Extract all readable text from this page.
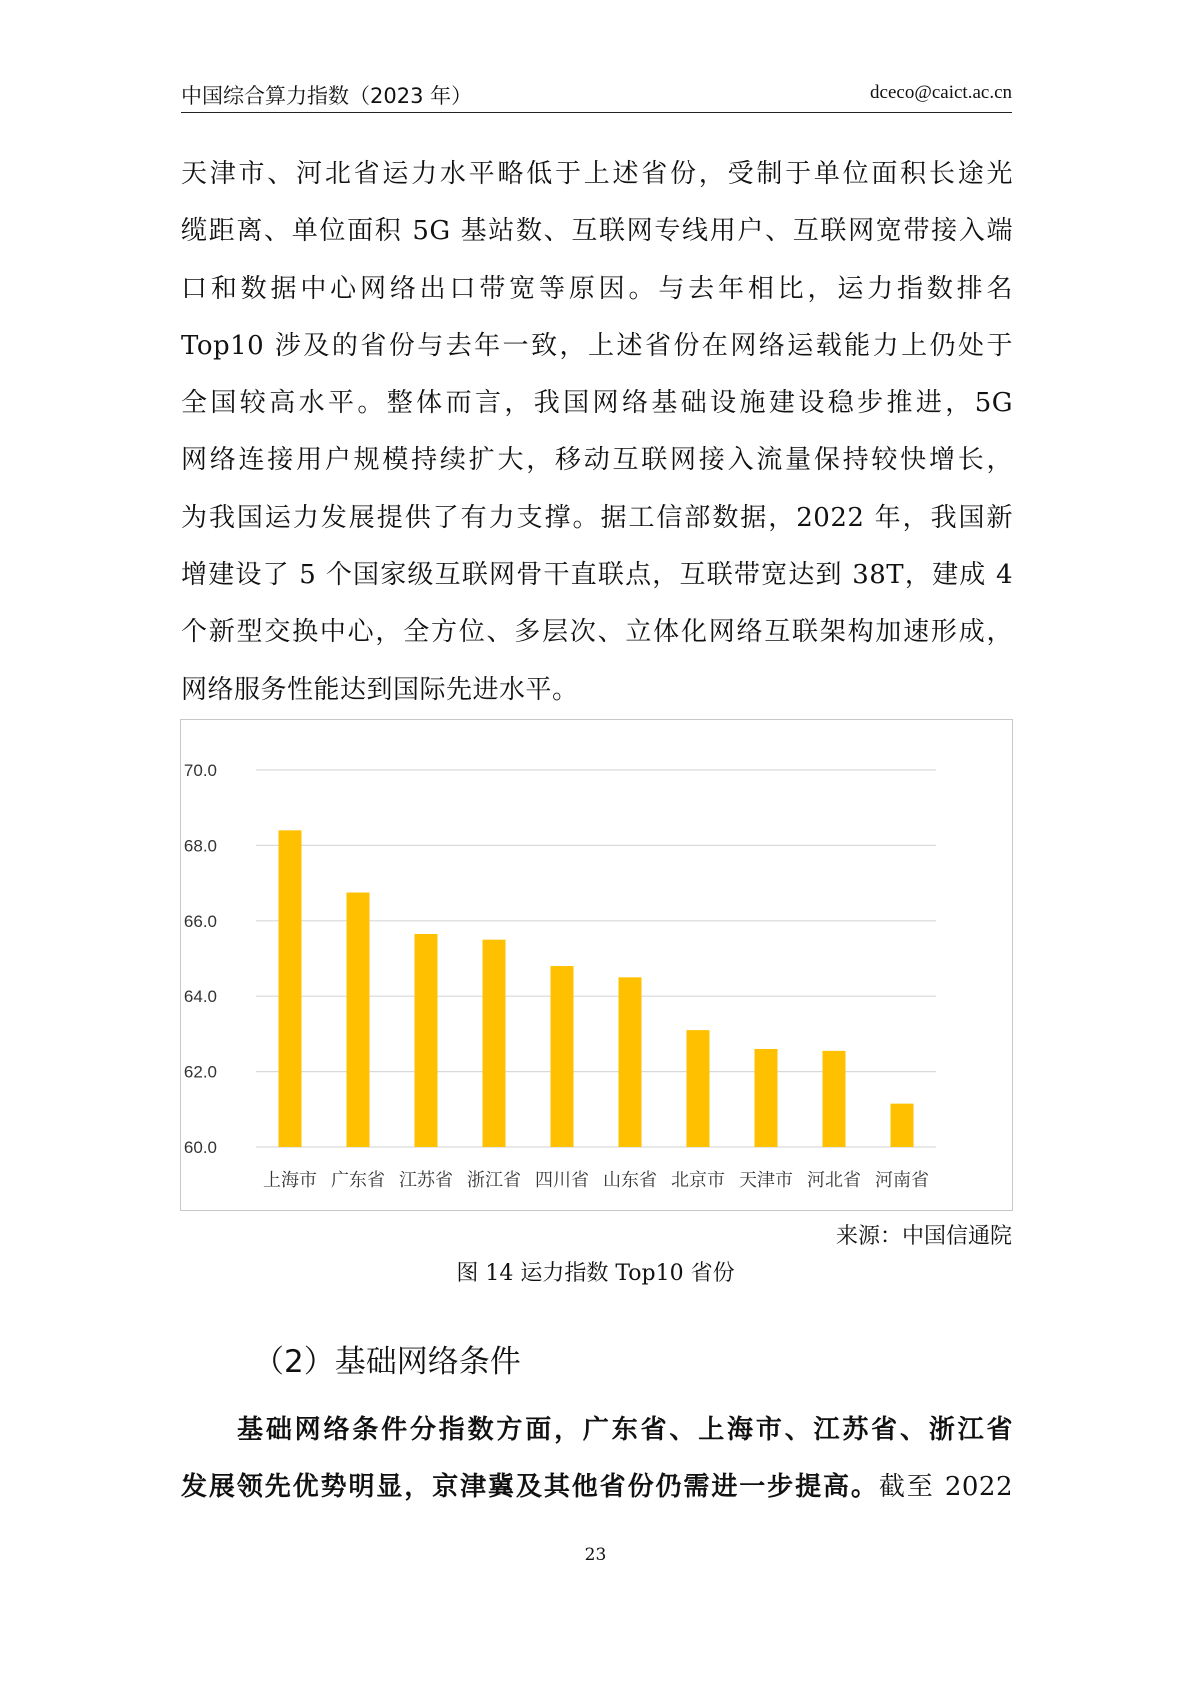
中国综合算力指数（2023 年）	dceco@caict.ac.cn
天津市、河北省运力水平略低于上述省份，受制于单位面积长途光
缆距离、单位面积 5G 基站数、互联网专线用户、互联网宽带接入端
口和数据中心网络出口带宽等原因。与去年相比，运力指数排名
Top10 涉及的省份与去年一致，上述省份在网络运载能力上仍处于
全国较高水平。整体而言，我国网络基础设施建设稳步推进，5G
网络连接用户规模持续扩大，移动互联网接入流量保持较快增长，
为我国运力发展提供了有力支撑。据工信部数据，2022 年，我国新
增建设了 5 个国家级互联网骨干直联点，互联带宽达到 38T，建成 4
个新型交换中心，全方位、多层次、立体化网络互联架构加速形成，
网络服务性能达到国际先进水平。
60.0
62.0
64.0
66.0
68.0
70.0
上海市 广东省 江苏省 浙江省 四川省 山东省 北京市 天津市 河北省 河南省
来源：中国信通院
图 14 运力指数 Top10 省份
（2）基础网络条件
基础网络条件分指数方面，广东省、上海市、江苏省、浙江省
发展领先优势明显，京津冀及其他省份仍需进一步提高。截至 2022
23
